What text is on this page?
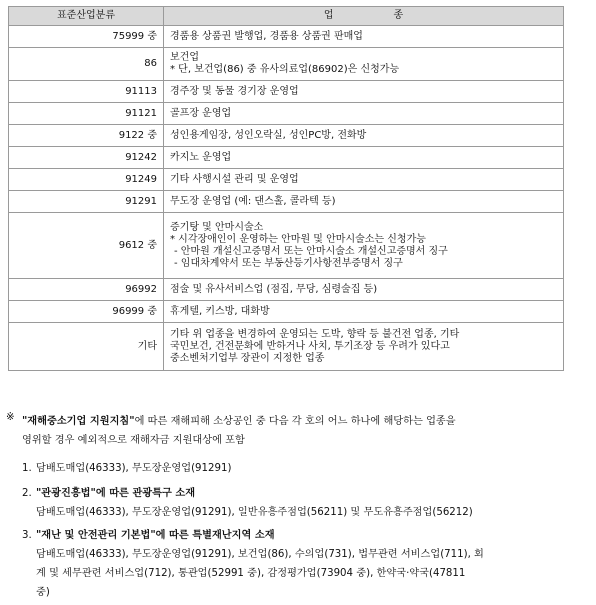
표준산업분류	업종
75999 중	경품용 상품권 발행업, 경품용 상품권 판매업

86	보건업
* 단, 보건업(86) 중 유사의료업(86902)은 신청가능

91113	경주장 및 동물 경기장 운영업

91121	골프장 운영업

9122 중	성인용게임장, 성인오락실, 성인PC방, 전화방

91242	카지노 운영업

91249	기타 사행시설 관리 및 운영업

91291	무도장 운영업 (예: 댄스홀, 콜라텍 등)

9612 중	증기탕 및 안마시술소
* 시각장애인이 운영하는 안마원 및 안마시술소는 신청가능
- 안마원 개설신고증명서 또는 안마시술소 개설신고증명서 징구
- 임대차계약서 또는 부동산등기사항전부증명서 징구

96992	점술 및 유사서비스업 (점집, 무당, 심령술집 등)

96999 중	휴게텔, 키스방, 대화방

기타	기타 위 업종을 변경하여 운영되는 도박, 향락 등 불건전 업종, 기타
국민보건, 건전문화에 반하거나 사치, 투기조장 등 우려가 있다고
중소벤처기업부 장관이 지정한 업종
※ "재해중소기업 지원지침"에 따른 재해피해 소상공인 중 다음 각 호의 어느 하나에 해당하는 업종을
영위할 경우 예외적으로 재해자금 지원대상에 포함
1. 담배도매업(46333), 무도장운영업(91291)
2. "관광진흥법"에 따른 관광특구 소재
담배도매업(46333), 무도장운영업(91291), 일반유흥주점업(56211) 및 무도유흥주점업(56212)
3. "재난 및 안전관리 기본법"에 따른 특별재난지역 소재
담배도매업(46333), 무도장운영업(91291), 보건업(86), 수의업(731), 법무관련 서비스업(711), 회
계 및 세무관련 서비스업(712), 통관업(52991 중), 감정평가업(73904 중), 한약국·약국(47811
중)
